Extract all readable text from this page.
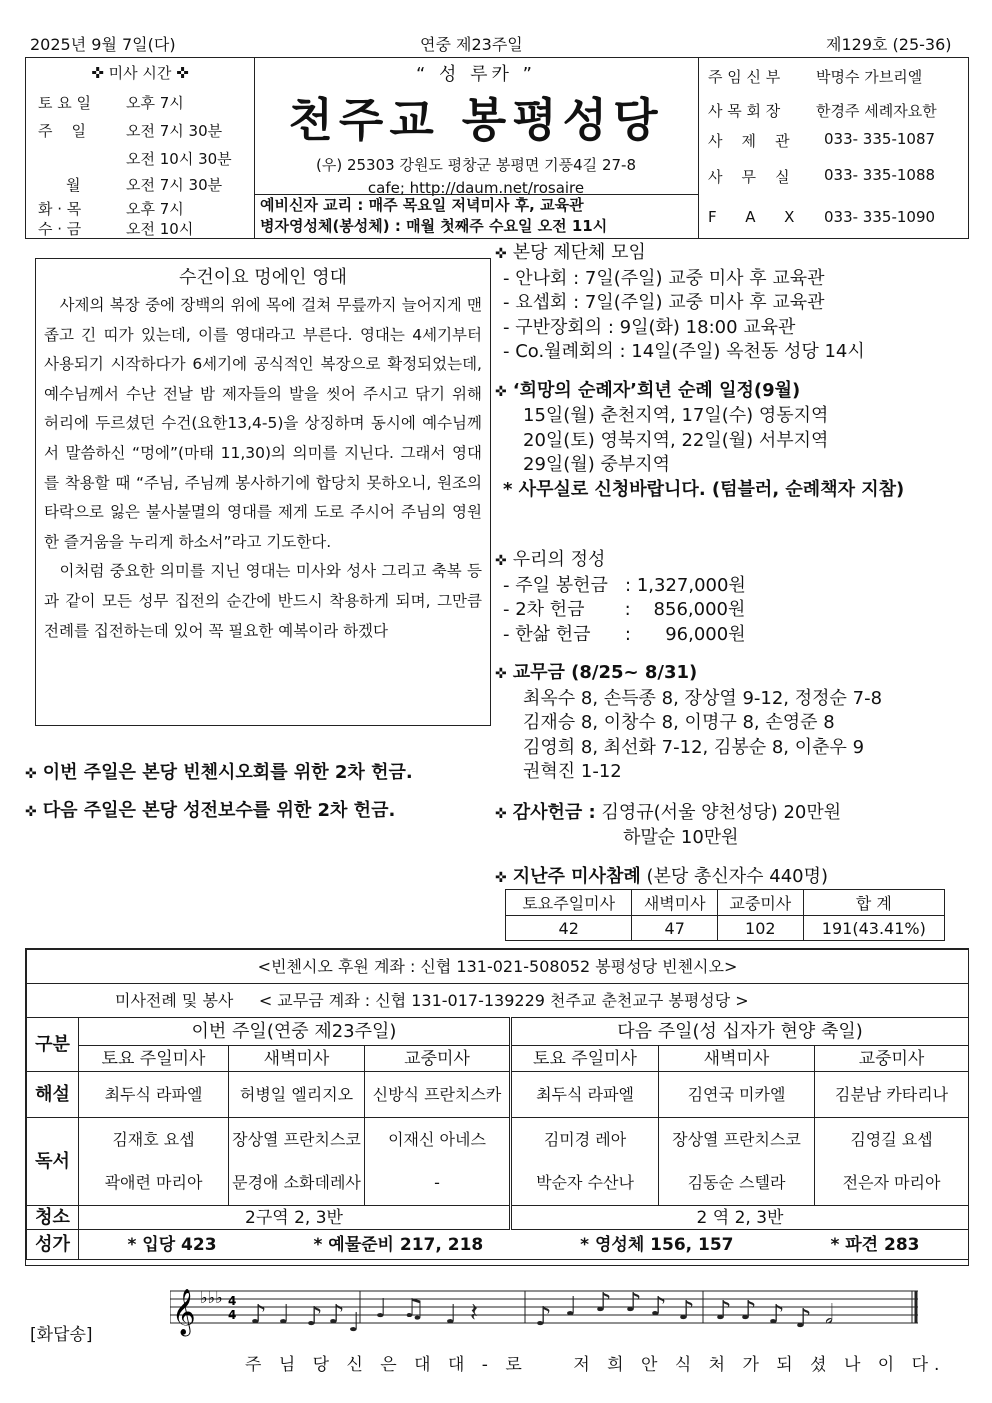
2025년 9월 7일(다)	연중 제23주일	제129호 (25-36)
✜ 미사 시간 ✜
토 요 일 오후 7시
주    일	오전 7시 30분
오전 10시 30분
월	오전 7시 30분
화 · 목	오후 7시
수 · 금	오전 10시
“ 성 루카 ”
천주교 봉평성당
(우) 25303 강원도 평창군 봉평면 기풍4길 27-8
cafe; http://daum.net/rosaire
예비신자 교리 : 매주 목요일 저녁미사 후, 교육관
병자영성체(봉성체) : 매월 첫째주 수요일 오전 11시
주 임 신 부 박명수 가브리엘
사 목 회 장 한경주 세례자요한
사    제    관 033- 335-1087
사    무    실 033- 335-1088
F      A      X 033- 335-1090
수건이요 멍에인 영대

사제의 복장 중에 장백의 위에 목에 걸쳐 무릎까지 늘어지게 맨 좁고 긴 띠가 있는데, 이를 영대라고 부른다. 영대는 4세기부터 사용되기 시작하다가 6세기에 공식적인 복장으로 확정되었는데, 예수님께서 수난 전날 밤 제자들의 발을 씻어 주시고 닦기 위해 허리에 두르셨던 수건(요한13,4-5)을 상징하며 동시에 예수님께서 말씀하신 “멍에”(마태 11,30)의 의미를 지닌다. 그래서 영대를 착용할 때 “주님, 주님께 봉사하기에 합당치 못하오니, 원조의 타락으로 잃은 불사불멸의 영대를 제게 도로 주시어 주님의 영원한 즐거움을 누리게 하소서”라고 기도한다.

이처럼 중요한 의미를 지닌 영대는 미사와 성사 그리고 축복 등과 같이 모든 성무 집전의 순간에 반드시 착용하게 되며, 그만큼 전례를 집전하는데 있어 꼭 필요한 예복이라 하겠다

✜ 이번 주일은 본당 빈첸시오회를 위한 2차 헌금.
✜ 다음 주일은 본당 성전보수를 위한 2차 헌금.
✜ 본당 제단체 모임
- 안나회 : 7일(주일) 교중 미사 후 교육관
- 요셉회 : 7일(주일) 교중 미사 후 교육관
- 구반장회의 : 9일(화) 18:00 교육관
- Co.월례회의 : 14일(주일) 옥천동 성당 14시
✜ ‘희망의 순례자’희년 순례 일정(9월)
15일(월) 춘천지역, 17일(수) 영동지역
20일(토) 영북지역, 22일(월) 서부지역
29일(월) 중부지역
* 사무실로 신청바랍니다. (텀블러, 순례책자 지참)
✜ 우리의 정성
- 주일 봉헌금   : 1,327,000원
- 2차 헌금       :    856,000원
- 한삶 헌금      :      96,000원
✜ 교무금 (8/25~ 8/31)
최옥수 8, 손득종 8, 장상열 9-12, 정정순 7-8
김재승 8, 이창수 8, 이명구 8, 손영준 8
김영희 8, 최선화 7-12, 김봉순 8, 이춘우 9
권혁진 1-12
✜ 감사헌금 : 김영규(서울 양천성당) 20만원
하말순 10만원
✜ 지난주 미사참례 (본당 총신자수 440명)
토요주일미사	새벽미사	교중미사	합 계
42	47	102	191(43.41%)
<빈첸시오 후원 계좌 : 신협 131-021-508052 봉평성당 빈첸시오>						
미사전례 및 봉사 < 교무금 계좌 : 신협 131-017-139229 천주교 춘천교구 봉평성당 >						
구분	이번 주일(연중 제23주일)			다음 주일(성 십자가 현양 축일)		
	토요 주일미사	새벽미사	교중미사	토요 주일미사	새벽미사	교중미사
해설	최두식 라파엘	허병일 엘리지오	신방식 프란치스카	최두식 라파엘	김연국 미카엘	김분남 카타리나
독서	김재호 요셉	장상열 프란치스코	이재신 아네스	김미경 레아	장상열 프란치스코	김영길 요셉
	곽애련 마리아	문경애 소화데레사	-	박순자 수산나	김동순 스텔라	전은자 마리아
청소	2구역 2, 3반			2 역 2, 3반		
성가	* 입당 423 * 예물준비 217, 218 * 영성체 156, 157 * 파견 283					
[화답송] 𝄞 ♭♭♭ 4
4 ♪ ♩ ♪ ♪ ♩ ♩ ♫ ♩ 𝄽 ♪ ♩ ♪ ♪ ♪ ♪ ♪ ♪ ♪ ♪ 𝅗𝅥
주 님 당 신 은 대 대 - 로    저 희 안 식 처 가 되 셨 나 이 다.
